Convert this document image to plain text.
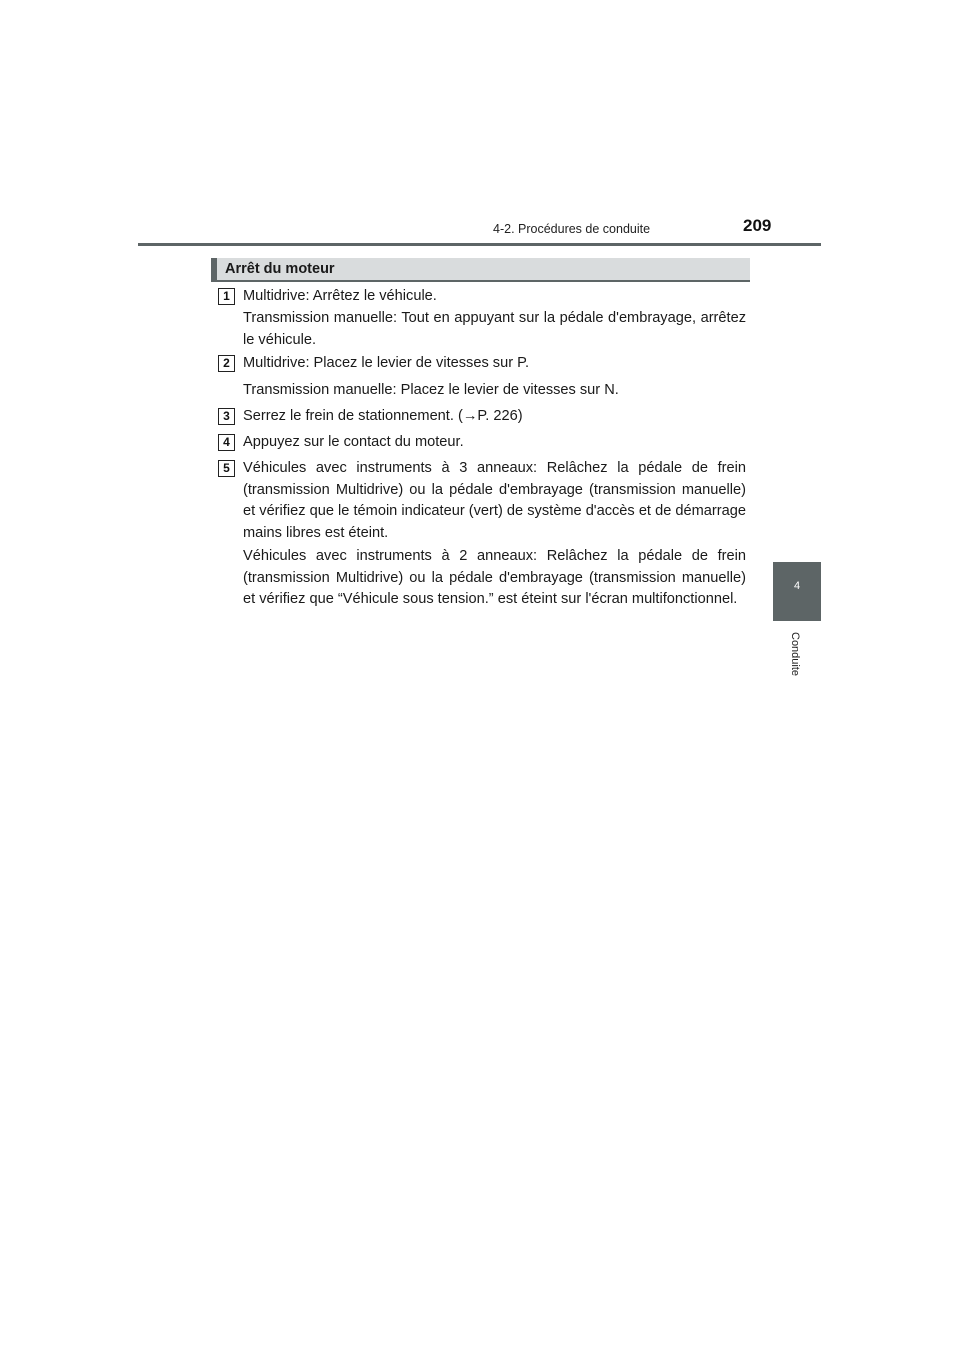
4-2. Procédures de conduite	209
4
Conduite
Arrêt du moteur
1 Multidrive: Arrêtez le véhicule.

Transmission manuelle: Tout en appuyant sur la pédale d'embrayage, arrêtez le véhicule.

2 Multidrive: Placez le levier de vitesses sur P.

Transmission manuelle: Placez le levier de vitesses sur N.

3 Serrez le frein de stationnement. (→P. 226)

4 Appuyez sur le contact du moteur.

5 Véhicules avec instruments à 3 anneaux: Relâchez la pédale de frein (transmission Multidrive) ou la pédale d'embrayage (transmission manuelle) et vérifiez que le témoin indicateur (vert) de système d'accès et de démarrage mains libres est éteint.

Véhicules avec instruments à 2 anneaux: Relâchez la pédale de frein (transmission Multidrive) ou la pédale d'embrayage (transmission manuelle) et vérifiez que “Véhicule sous tension.” est éteint sur l'écran multifonctionnel.
